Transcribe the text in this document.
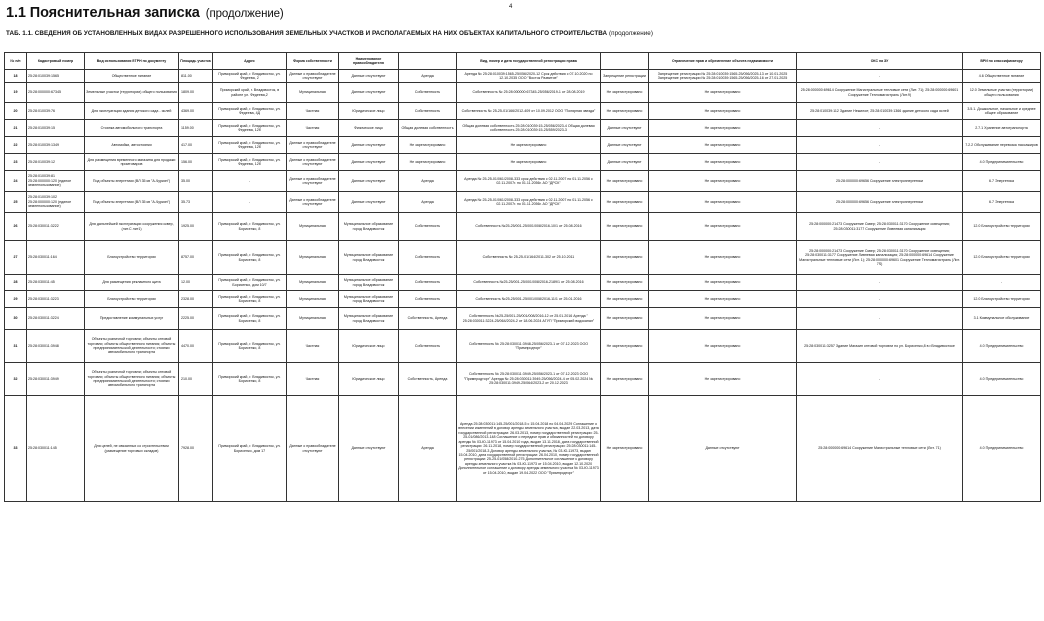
4
1.1 Пояснительная записка (продолжение)
ТАБ. 1.1. СВЕДЕНИЯ ОБ УСТАНОВЛЕННЫХ ВИДАХ РАЗРЕШЕННОГО ИСПОЛЬЗОВАНИЯ ЗЕМЕЛЬНЫХ УЧАСТКОВ И РАСПОЛАГАЕМЫХ НА НИХ ОБЪЕКТАХ КАПИТАЛЬНОГО СТРОИТЕЛЬСТВА (продолжение)
№ п/п	Кадастровый номер	Вид использования ЕГРН по документу	Площадь участка	Адрес	Форма собственности	Наименование правообладателя		Вид, номер и дата государственной регистрации права		Ограничение прав и обременение объекта недвижимости	ОКС на ЗУ	ВРИ по классификатору
18	25:28:010039:1565	Общественное питание	811.00	Приморский край, г. Владивосток, ул. Федеева, 2	Данные о правообладателе отсутствуют	Данные отсутствуют	Аренда	Аренда № 25:28:010039:1565-25/056/2020-12 Срок действия с 07.10.2020 по 12.10.2035 ООО "Восток Развитие"	Запрещение регистрации	Запрещение регистрации № 25:28:010039:1565-25/056/2025-13 от 10.01.2025 Запрещение регистрации № 25:28:010039:1565-25/056/2025-16 от 27.01.2025	-	4.6 Общественное питание
19	25:28:000000:67345	Земельные участки (территории) общего пользования	1809.00	Приморский край, г. Владивосток, в районе ул. Федеева,2	Муниципальная	Данные отсутствуют	Собственность	Собственность № 25:28:000000:67345-25/056/2019-1 от 28.08.2019	Не зарегистрировано	Не зарегистрировано	25:28:000000:69614 Сооружение Магистральные тепловые сети (Лит. 71); 25:28:000000:69601 Сооружение Тепломагистраль (Лит.9)	12.0 Земельные участки (территории) общего пользования
20	25:28:010039:76	Для эксплуатации здания детского сада - яслей	4369.00	Приморский край, г. Владивосток, ул. Федеева, 4Д	Частная	Юридическое лицо	Собственность	Собственность № 25-25-01/166/2012-409 от 10.09.2012 ООО "Полярная звезда"	Не зарегистрировано	Не зарегистрировано	25:28:010039:112 Здание Нежилое; 25:28:010039:1366 здание детского сада яслей	3.5.1. Дошкольное, начальное и среднее общее образование
21	25:28:010039:15	Стоянка автомобильного транспорта	1159.00	Приморский край, г. Владивосток, ул. Федеева, 12б	Частная	Физическое лицо	Общая долевая собственность	Общая долевая собственность 25:28:010039:15-25/056/2023-4 Общая долевая собственность 25:28:010039:15-25/559/2023-3	Данные отсутствуют	Не зарегистрировано	-	2.7.1 Хранение автотранспорта
22	25:28:010039:1349	Автомойки, автостоянки	417.00	Приморский край, г. Владивосток, ул. Федеева, 12б	Данные о правообладателе отсутствуют	Данные отсутствуют	Не зарегистрировано	Не зарегистрировано	Данные отсутствуют	Не зарегистрировано	-	7.2.2 Обслуживание перевозок пассажиров
23	25:28:010039:12	Для размещения временного магазина для продажи промтоваров	156.00	Приморский край, г. Владивосток, ул. Федеева, 12б	Данные о правообладателе отсутствуют	Данные отсутствуют	Не зарегистрировано	Не зарегистрировано	Данные отсутствуют	Не зарегистрировано	-	4.0 Предпринимательство
24	25:28:010039:81 25:28:000000:120 (единое землепользование)	Под объекты энергетики (ВЛ 35 кв "А-Чуркин")	35.00	-	Данные о правообладателе отсутствуют	Данные отсутствуют	Аренда	Аренда № 25-25-01/061/2008-333 срок действия с 02.11.2007 по 01.11.2056 с 02.11.2007г. по 01.11.2056г. АО "ДРСК"	Не зарегистрировано	Не зарегистрировано	25:28:000000:69656 Сооружение электроэнергетики	6.7 Энергетика
25	25:28:010039:102 25:28:000000:120 (единое землепользование)	Под объекты энергетики (ВЛ 35 кв "А-Чуркин")	35.73	-	Данные о правообладателе отсутствуют	Данные отсутствуют	Аренда	Аренда № 25-25-01/061/2008-333 срок действия с 02.11.2007 по 01.11.2056 с 02.11.2007г. по 01.11.2056г. АО "ДРСК"	Не зарегистрировано	Не зарегистрировано	25:28:000000:69656 Сооружение электроэнергетики	6.7 Энергетика
26	25:28:030011:3222	Для дальнейшей эксплуатации сооружения сквер, (лит.С лит1)	1925.00	Приморский край, г. Владивосток, ул. Борисенко, 8	Муниципальная	Муниципальное образование город Владивосток	Собственность	Собственность №25-25/001-25/001/008/2016-10/1 от 25.08.2016	Не зарегистрировано	Не зарегистрировано	25:28:000000:21473 Сооружение Сквер; 25:28:030011:3170 Сооружение освещения; 25:28:030011:3177 Сооружение Ливневая канализация	12.0 Благоустройство территории
27	25:28:030011:164	Благоустройство территории	8757.00	Приморский край, г. Владивосток, ул. Борисенко, 8	Муниципальная	Муниципальное образование город Владивосток	Собственность	Собственность № 25-25-01/164/2011-302 от 25.10.2011	Не зарегистрировано	Не зарегистрировано	25:28:000000:21473 Сооружение Сквер; 25:28:030011:3170 Сооружение освещения; 25:28:030011:3177 Сооружение Ливневая канализация; 25:28:000000:69614 Сооружение Магистральные тепловые сети (Лит. 1); 25:28:000000:69601 Сооружение Тепломагистраль (Лит. 7S)	12.0 Благоустройство территории
28	25:28:030011:45	Для размещения рекламного щита	12.00	Приморский край, г. Владивосток, ул. Борисенко, дом 10/7	Муниципальная	Муниципальное образование город Владивосток	Собственность	Собственность №25-25/001-25/001/008/2016-2189/1 от 25.08.2016	Не зарегистрировано	Не зарегистрировано	-	-
29	25:28:030011:3223	Благоустройство территории	2328.00	Приморский край, г. Владивосток, ул. Борисенко, 8	Муниципальная	Муниципальное образование город Владивосток	Собственность	Собственность №25-25/001-25/001/008/2016-11/1 от 25.01.2016	Не зарегистрировано	Не зарегистрировано	-	12.0 Благоустройство территории
30	25:28:030011:3224	Предоставление коммунальных услуг	2225.00	Приморский край, г. Владивосток, ул. Борисенко, 8	Муниципальная	Муниципальное образование город Владивосток	Собственность, Аренда	Собственность №25-25/001-25/001/008/2016-12 от 25.01.2016 Аренда " 25:28:030011:3224-25/064/2024-2 от 18.06.2024 АГУП "Приморский водоканал"	Не зарегистрировано	Не зарегистрировано	-	3.1 Коммунальное обслуживание
31	25:28:030011:3948	Объекты розничной торговли; объекты оптовой торговли; объекты общественного питания; объекты предпринимательской деятельности; стоянки автомобильного транспорта	4470.00	Приморский край, г. Владивосток, ул. Борисенко, 8	Частная	Юридическое лицо	Собственность	Собственность № 25:28:030011:3948-25/056/2023-1 от 07.12.2023 ООО "Примпродторг"	Не зарегистрировано	Не зарегистрировано	25:28:030011:3257 Здание Магазин оптовой торговли по ул. Борисенко,8 в г.Владивостоке	4.0 Предпринимательство
32	25:28:030011:3949	Объекты розничной торговли; объекты оптовой торговли; объекты общественного питания; объекты предпринимательской деятельности; стоянки автомобильного транспорта	210.00	Приморский край, г. Владивосток, ул. Борисенко, 8	Частная	Юридическое лицо	Собственность, Аренда	Собственность № 25:28:030011:3949-25/056/2023-1 от 07.12.2023 ООО "Примпродторг" Аренда № 25:28:030011:3949-25/056/2024-4 от 05.02.2024 № 25:28:030011:3949-25/064/2023-2 от 20.12.2023	Не зарегистрировано	Не зарегистрировано	-	4.0 Предпринимательство
33	25:28:030011:145	Для целей, не связанных со строительством (размещение торговых складов)	7928.00	Приморский край, г. Владивосток, ул. Борисенко, дом 17	Данные о правообладателе отсутствуют	Данные отсутствуют	Аренда	Аренда 25:28:030011:145-25/001/2018-5 с 15.04.2018 по 04.04.2029 Соглашение о внесении изменений в договор аренды земельного участка, выдан 22.03.2013, дата государственной регистрации: 26.03.2013, номер государственной регистрации: 25-25-01/086/2013-148 Соглашение о передаче прав и обязанностей по договору аренды № 03-Ю-11973 от 15.04.2010 года, выдан 13.11.2018, дата государственной регистрации: 26.11.2018, номер государственной регистрации: 25:28:030011:145-25/001/2018-3 Договор аренды земельного участка, № 03-Ю-11973, выдан 15.04.2010, дата государственной регистрации: 26.04.2010, номер государственной регистрации: 25-25-01/058/2010-275 Дополнительное соглашение к договору аренды земельного участка № 03-Ю-11973 от 15.04.2010, выдан 12.10.2020 Дополнительное соглашение к договору аренды земельного участка № 03-Ю-11973 от 15.04.2010, выдан 19.04.2022 ООО "Примпродторг"	Не зарегистрировано	Данные отсутствуют	25:28:000000:69614 Сооружение Магистральные тепловые сети (Лит. 71)	4.0 Предпринимательство
